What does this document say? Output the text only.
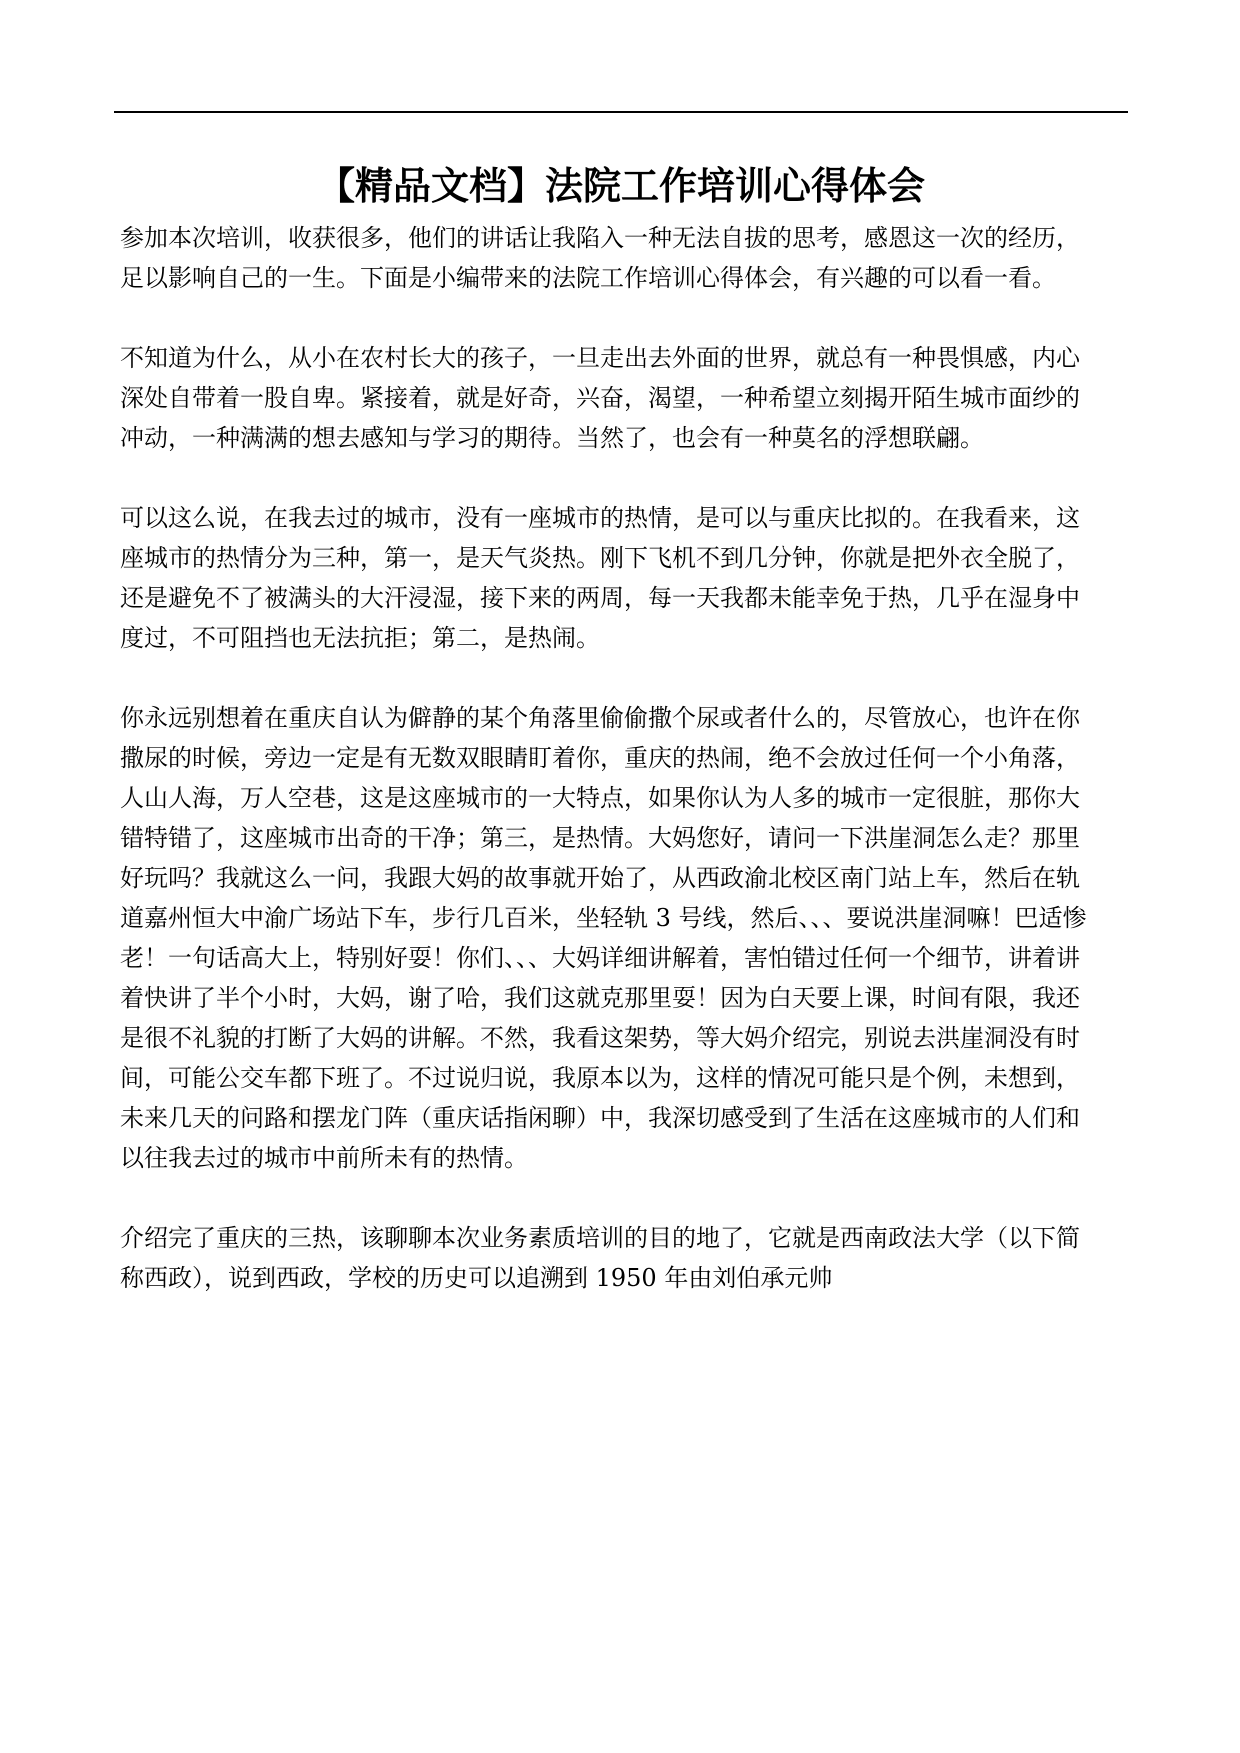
【精品文档】法院工作培训心得体会

参加本次培训，收获很多，他们的讲话让我陷入一种无法自拔的思考，感恩这一次的经历，
足以影响自己的一生。下面是小编带来的法院工作培训心得体会，有兴趣的可以看一看。

不知道为什么，从小在农村长大的孩子，一旦走出去外面的世界，就总有一种畏惧感，内心
深处自带着一股自卑。紧接着，就是好奇，兴奋，渴望，一种希望立刻揭开陌生城市面纱的
冲动，一种满满的想去感知与学习的期待。当然了，也会有一种莫名的浮想联翩。

可以这么说，在我去过的城市，没有一座城市的热情，是可以与重庆比拟的。在我看来，这
座城市的热情分为三种，第一，是天气炎热。刚下飞机不到几分钟，你就是把外衣全脱了，
还是避免不了被满头的大汗浸湿，接下来的两周，每一天我都未能幸免于热，几乎在湿身中
度过，不可阻挡也无法抗拒；第二，是热闹。

你永远别想着在重庆自认为僻静的某个角落里偷偷撒个尿或者什么的，尽管放心，也许在你
撒尿的时候，旁边一定是有无数双眼睛盯着你，重庆的热闹，绝不会放过任何一个小角落，
人山人海，万人空巷，这是这座城市的一大特点，如果你认为人多的城市一定很脏，那你大
错特错了，这座城市出奇的干净；第三，是热情。大妈您好，请问一下洪崖洞怎么走？那里
好玩吗？我就这么一问，我跟大妈的故事就开始了，从西政渝北校区南门站上车，然后在轨
道嘉州恒大中渝广场站下车，步行几百米，坐轻轨 3 号线，然后、、、要说洪崖洞嘛！巴适惨
老！一句话高大上，特别好耍！你们、、、大妈详细讲解着，害怕错过任何一个细节，讲着讲
着快讲了半个小时，大妈，谢了哈，我们这就克那里耍！因为白天要上课，时间有限，我还
是很不礼貌的打断了大妈的讲解。不然，我看这架势，等大妈介绍完，别说去洪崖洞没有时
间，可能公交车都下班了。不过说归说，我原本以为，这样的情况可能只是个例，未想到，
未来几天的问路和摆龙门阵（重庆话指闲聊）中，我深切感受到了生活在这座城市的人们和
以往我去过的城市中前所未有的热情。

介绍完了重庆的三热，该聊聊本次业务素质培训的目的地了，它就是西南政法大学（以下简
称西政），说到西政，学校的历史可以追溯到 1950 年由刘伯承元帅
